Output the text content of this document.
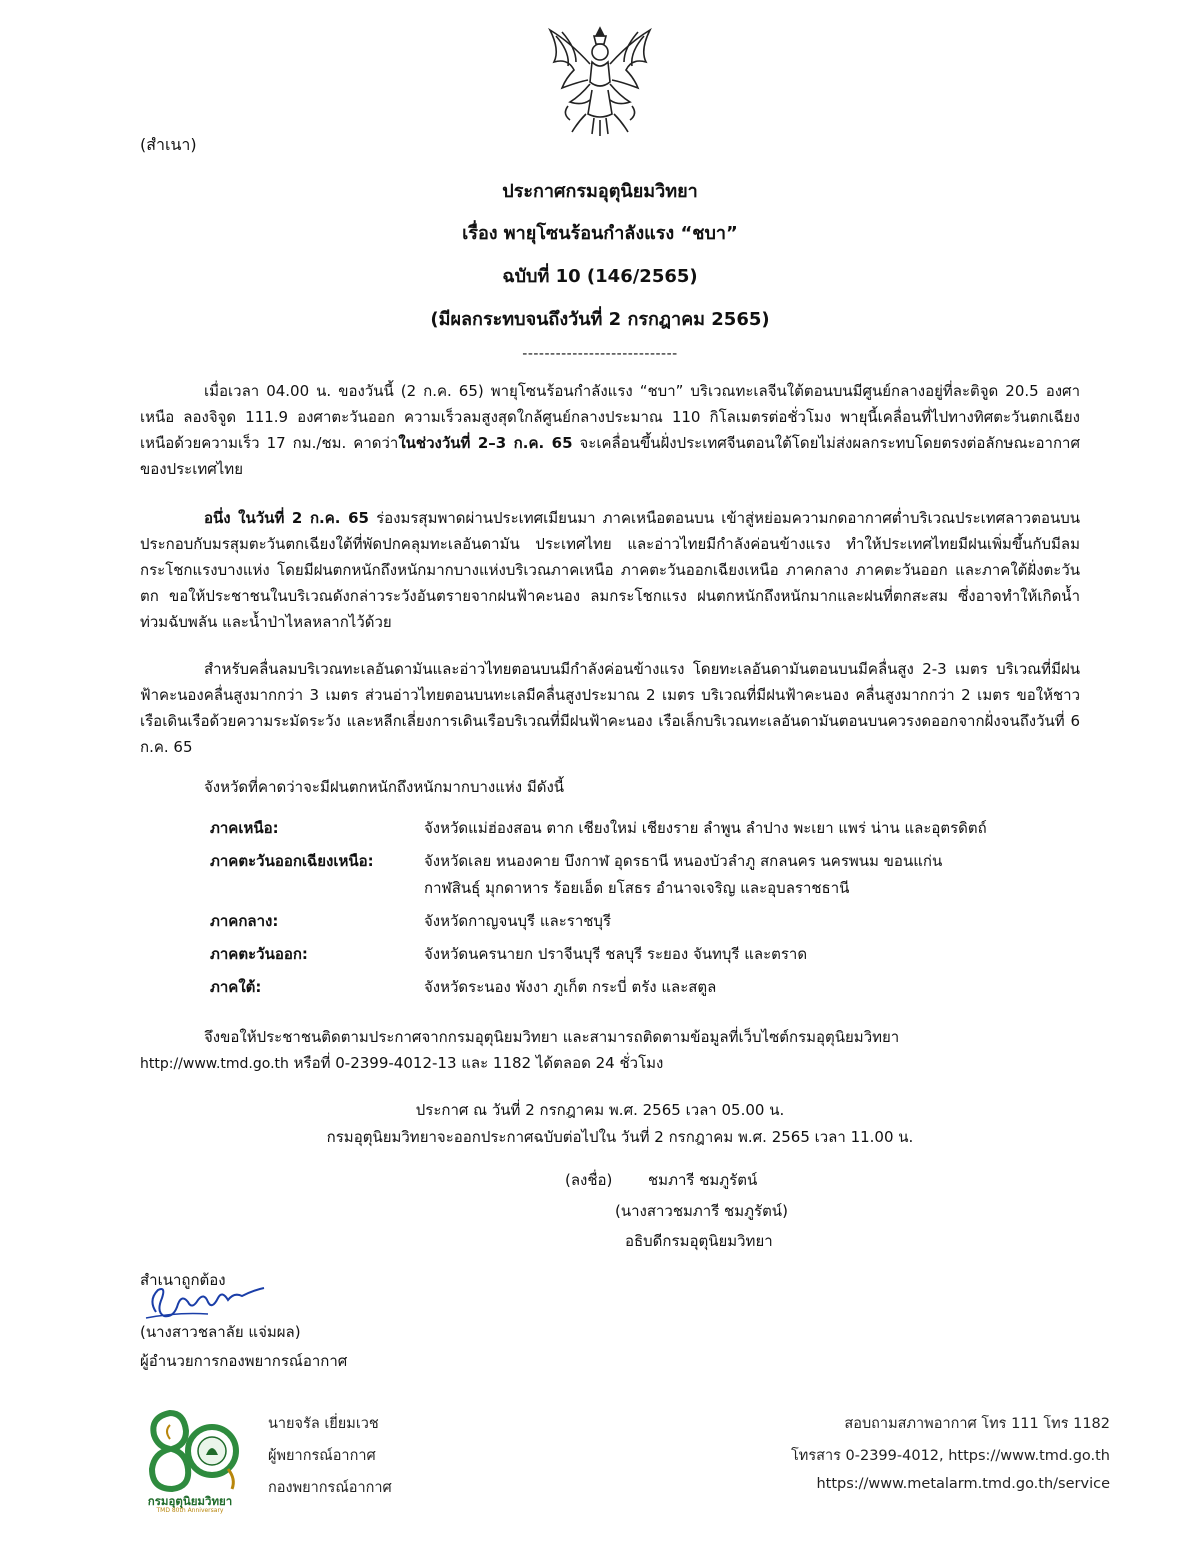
(สำเนา)
ประกาศกรมอุตุนิยมวิทยา
เรื่อง พายุโซนร้อนกำลังแรง “ชบา”
ฉบับที่ 10 (146/2565)
(มีผลกระทบจนถึงวันที่ 2 กรกฎาคม 2565)
----------------------------
เมื่อเวลา 04.00 น. ของวันนี้ (2 ก.ค. 65) พายุโซนร้อนกำลังแรง “ชบา” บริเวณทะเลจีนใต้ตอนบนมีศูนย์กลางอยู่ที่ละติจูด 20.5 องศาเหนือ ลองจิจูด 111.9 องศาตะวันออก ความเร็วลมสูงสุดใกล้ศูนย์กลางประมาณ 110 กิโลเมตรต่อชั่วโมง พายุนี้เคลื่อนที่ไปทางทิศตะวันตกเฉียงเหนือด้วยความเร็ว 17 กม./ชม. คาดว่าในช่วงวันที่ 2–3 ก.ค. 65 จะเคลื่อนขึ้นฝั่งประเทศจีนตอนใต้โดยไม่ส่งผลกระทบโดยตรงต่อลักษณะอากาศของประเทศไทย
อนึ่ง ในวันที่ 2 ก.ค. 65 ร่องมรสุมพาดผ่านประเทศเมียนมา ภาคเหนือตอนบน เข้าสู่หย่อมความกดอากาศต่ำบริเวณประเทศลาวตอนบน ประกอบกับมรสุมตะวันตกเฉียงใต้ที่พัดปกคลุมทะเลอันดามัน ประเทศไทย และอ่าวไทยมีกำลังค่อนข้างแรง ทำให้ประเทศไทยมีฝนเพิ่มขึ้นกับมีลมกระโชกแรงบางแห่ง โดยมีฝนตกหนักถึงหนักมากบางแห่งบริเวณภาคเหนือ ภาคตะวันออกเฉียงเหนือ ภาคกลาง ภาคตะวันออก และภาคใต้ฝั่งตะวันตก ขอให้ประชาชนในบริเวณดังกล่าวระวังอันตรายจากฝนฟ้าคะนอง ลมกระโชกแรง ฝนตกหนักถึงหนักมากและฝนที่ตกสะสม ซึ่งอาจทำให้เกิดน้ำท่วมฉับพลัน และน้ำป่าไหลหลากไว้ด้วย
สำหรับคลื่นลมบริเวณทะเลอันดามันและอ่าวไทยตอนบนมีกำลังค่อนข้างแรง โดยทะเลอันดามันตอนบนมีคลื่นสูง 2-3 เมตร บริเวณที่มีฝนฟ้าคะนองคลื่นสูงมากกว่า 3 เมตร ส่วนอ่าวไทยตอนบนทะเลมีคลื่นสูงประมาณ 2 เมตร บริเวณที่มีฝนฟ้าคะนอง คลื่นสูงมากกว่า 2 เมตร ขอให้ชาวเรือเดินเรือด้วยความระมัดระวัง และหลีกเลี่ยงการเดินเรือบริเวณที่มีฝนฟ้าคะนอง เรือเล็กบริเวณทะเลอันดามันตอนบนควรงดออกจากฝั่งจนถึงวันที่ 6 ก.ค. 65
จังหวัดที่คาดว่าจะมีฝนตกหนักถึงหนักมากบางแห่ง มีดังนี้
ภาคเหนือ:	จังหวัดแม่ฮ่องสอน ตาก เชียงใหม่ เชียงราย ลำพูน ลำปาง พะเยา แพร่ น่าน และอุตรดิตถ์
ภาคตะวันออกเฉียงเหนือ:	จังหวัดเลย หนองคาย บึงกาฬ อุดรธานี หนองบัวลำภู สกลนคร นครพนม ขอนแก่น
กาฬสินธุ์ มุกดาหาร ร้อยเอ็ด ยโสธร อำนาจเจริญ และอุบลราชธานี
ภาคกลาง:	จังหวัดกาญจนบุรี และราชบุรี
ภาคตะวันออก:	จังหวัดนครนายก ปราจีนบุรี ชลบุรี ระยอง จันทบุรี และตราด
ภาคใต้:	จังหวัดระนอง พังงา ภูเก็ต กระบี่ ตรัง และสตูล
จึงขอให้ประชาชนติดตามประกาศจากกรมอุตุนิยมวิทยา และสามารถติดตามข้อมูลที่เว็บไซต์กรมอุตุนิยมวิทยา
http://www.tmd.go.th หรือที่ 0-2399-4012-13 และ 1182 ได้ตลอด 24 ชั่วโมง
ประกาศ ณ วันที่ 2 กรกฎาคม พ.ศ. 2565 เวลา 05.00 น.
กรมอุตุนิยมวิทยาจะออกประกาศฉบับต่อไปใน วันที่ 2 กรกฎาคม พ.ศ. 2565 เวลา 11.00 น.
(ลงชื่อ) ชมภารี ชมภูรัตน์
(นางสาวชมภารี ชมภูรัตน์)
อธิบดีกรมอุตุนิยมวิทยา
สำเนาถูกต้อง
(นางสาวชลาลัย แจ่มผล)
ผู้อำนวยการกองพยากรณ์อากาศ
กรมอุตุนิยมวิทยา
TMD 80th Anniversary
นายจรัล เยี่ยมเวช
ผู้พยากรณ์อากาศ
กองพยากรณ์อากาศ
สอบถามสภาพอากาศ โทร 111 โทร 1182
โทรสาร 0-2399-4012, https://www.tmd.go.th
https://www.metalarm.tmd.go.th/service
